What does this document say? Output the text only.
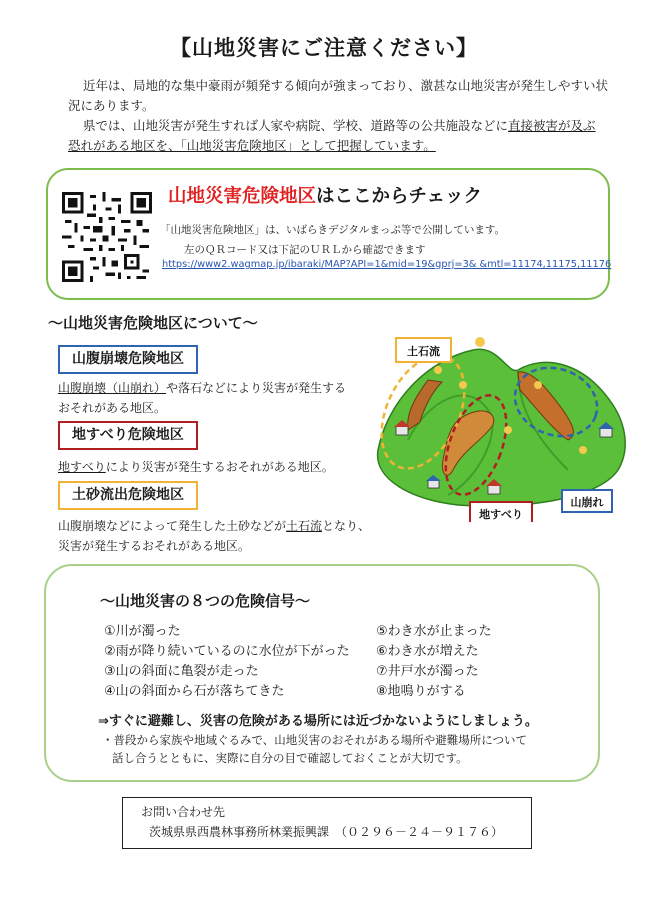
【山地災害にご注意ください】

近年は、局地的な集中豪雨が頻発する傾向が強まっており、激甚な山地災害が発生しやすい状況にあります。

県では、山地災害が発生すれば人家や病院、学校、道路等の公共施設などに直接被害が及ぶ恐れがある地区を、「山地災害危険地区」として把握しています。

山地災害危険地区はここからチェック
「山地災害危険地区」は、いばらきデジタルまっぷ等で公開しています。
左のＱＲコード又は下記のＵＲＬから確認できます
https://www2.wagmap.jp/ibaraki/MAP?API=1&mid=19&gprj=3& &mtl=11174,11175,11176
～山地災害危険地区について～
山腹崩壊危険地区
山腹崩壊（山崩れ）や落石などにより災害が発生する
おそれがある地区。
地すべり危険地区
地すべりにより災害が発生するおそれがある地区。
土砂流出危険地区
山腹崩壊などによって発生した土砂などが土石流となり、
災害が発生するおそれがある地区。
土石流
地すべり
山崩れ
～山地災害の８つの危険信号～
①川が濁った
②雨が降り続いているのに水位が下がった
③山の斜面に亀裂が走った
④山の斜面から石が落ちてきた
⑤わき水が止まった
⑥わき水が増えた
⑦井戸水が濁った
⑧地鳴りがする
⇒すぐに避難し、災害の危険がある場所には近づかないようにしましょう。
・普段から家族や地域ぐるみで、山地災害のおそれがある場所や避難場所について
話し合うとともに、実際に自分の目で確認しておくことが大切です。
お問い合わせ先
茨城県県西農林事務所林業振興課　（０２９６－２４－９１７６）
